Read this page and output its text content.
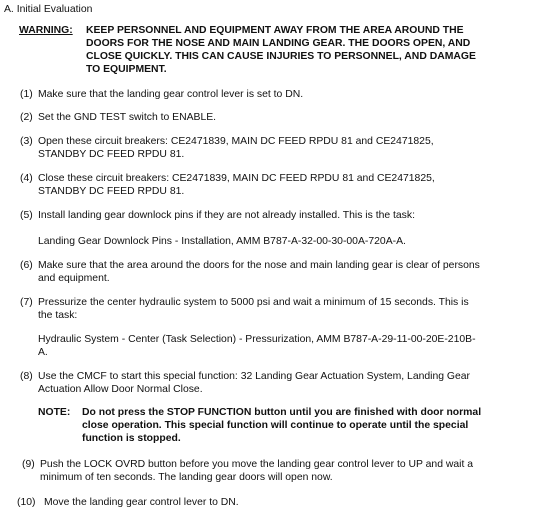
A. Initial Evaluation
WARNING: KEEP PERSONNEL AND EQUIPMENT AWAY FROM THE AREA AROUND THE
DOORS FOR THE NOSE AND MAIN LANDING GEAR. THE DOORS OPEN, AND
CLOSE QUICKLY. THIS CAN CAUSE INJURIES TO PERSONNEL, AND DAMAGE
TO EQUIPMENT.
(1) Make sure that the landing gear control lever is set to DN.
(2) Set the GND TEST switch to ENABLE.
(3) Open these circuit breakers: CE2471839, MAIN DC FEED RPDU 81 and CE2471825,
STANDBY DC FEED RPDU 81.
(4) Close these circuit breakers: CE2471839, MAIN DC FEED RPDU 81 and CE2471825,
STANDBY DC FEED RPDU 81.
(5) Install landing gear downlock pins if they are not already installed. This is the task:
Landing Gear Downlock Pins - Installation, AMM B787-A-32-00-30-00A-720A-A.
(6) Make sure that the area around the doors for the nose and main landing gear is clear of persons
and equipment.
(7) Pressurize the center hydraulic system to 5000 psi and wait a minimum of 15 seconds. This is
the task:
Hydraulic System - Center (Task Selection) - Pressurization, AMM B787-A-29-11-00-20E-210B-
A.
(8) Use the CMCF to start this special function: 32 Landing Gear Actuation System, Landing Gear
Actuation Allow Door Normal Close.
NOTE: Do not press the STOP FUNCTION button until you are finished with door normal
close operation. This special function will continue to operate until the special
function is stopped.
(9) Push the LOCK OVRD button before you move the landing gear control lever to UP and wait a
minimum of ten seconds. The landing gear doors will open now.
(10) Move the landing gear control lever to DN.
